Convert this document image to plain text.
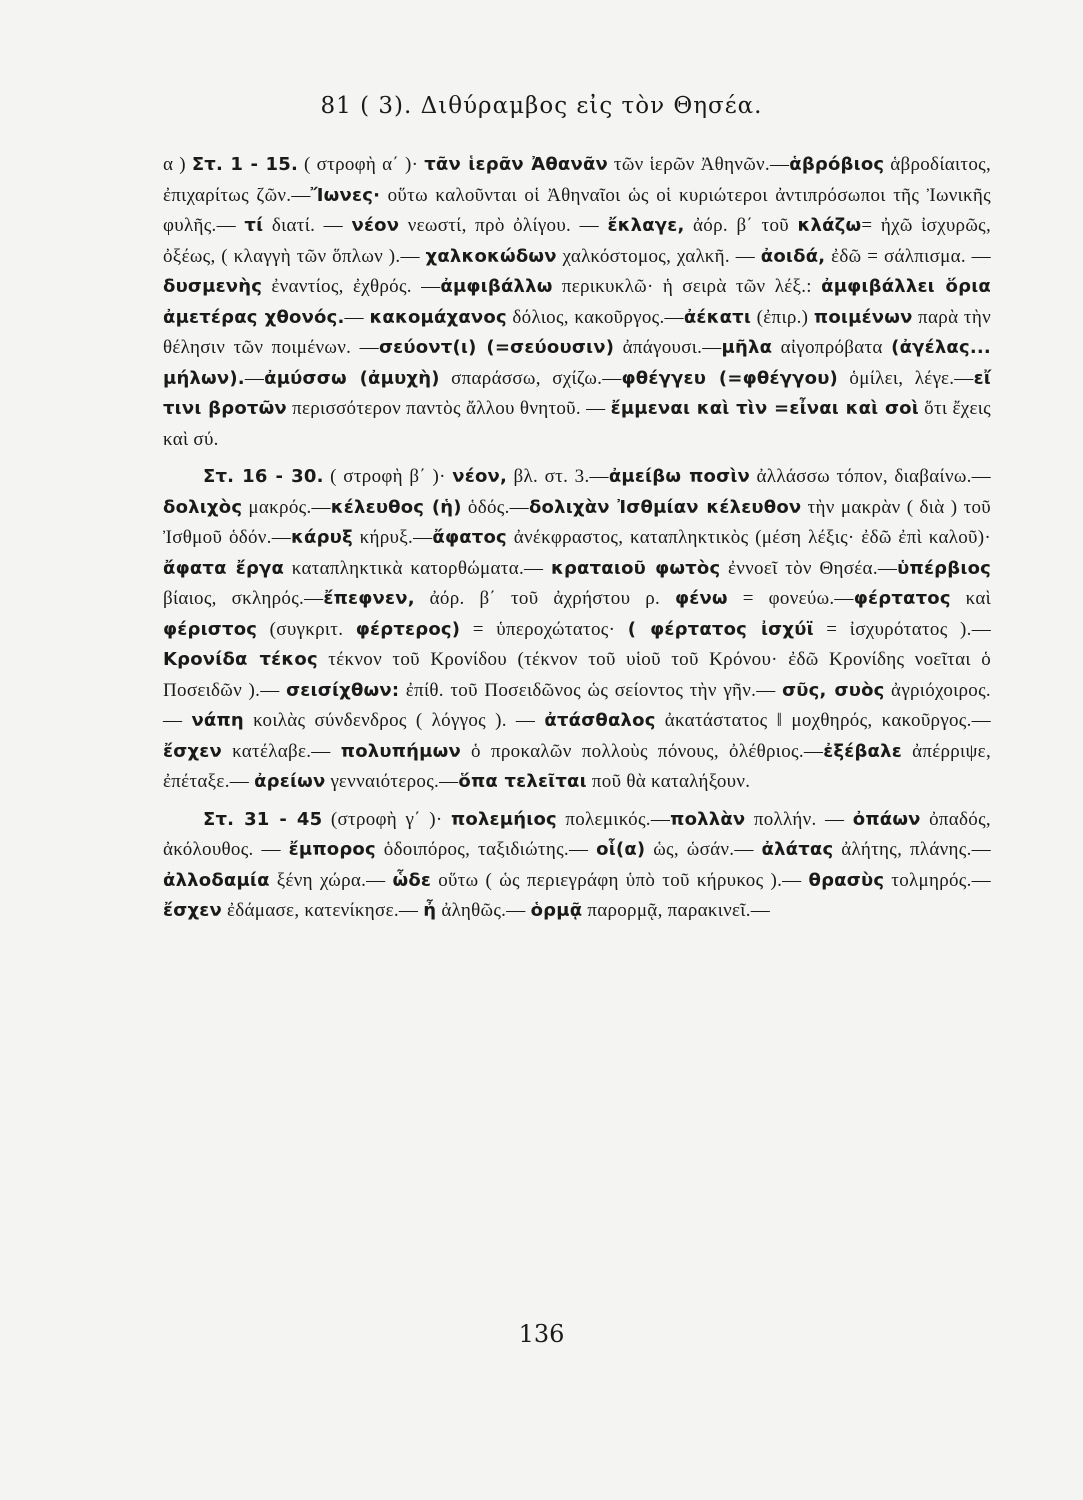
81 ( 3). Διθύραμβος εἰς τὸν Θησέα.

α ) Στ. 1 - 15. ( στροφὴ α΄ )· τᾶν ἱερᾶν Ἀθανᾶν τῶν ἱερῶν Ἀθηνῶν.—ἁβρόβιος ἁβροδίαιτος, ἐπιχαρίτως ζῶν.—Ἴωνες· οὕτω καλοῦνται οἱ Ἀθηναῖοι ὡς οἱ κυριώτεροι ἀντιπρόσωποι τῆς Ἰωνικῆς φυλῆς.— τί διατί. — νέον νεωστί, πρὸ ὀλίγου. — ἔκλαγε, ἀόρ. β΄ τοῦ κλάζω= ἠχῶ ἰσχυρῶς, ὀξέως, ( κλαγγὴ τῶν ὅπλων ).— χαλκοκώδων χαλκόστομος, χαλκῆ. — ἀοιδά, ἐδῶ = σάλπισμα. — δυσμενὴς ἐναντίος, ἐχθρός. —ἀμφιβάλλω περικυκλῶ· ἡ σειρὰ τῶν λέξ.: ἀμφιβάλλει ὅρια ἀμετέρας χθονός.— κακομάχανος δόλιος, κακοῦργος.—ἀέκατι (ἐπιρ.) ποιμένων παρὰ τὴν θέλησιν τῶν ποιμένων. —σεύοντ(ι) (=σεύουσιν) ἀπάγουσι.—μῆλα αἰγοπρόβατα (ἀγέλας... μήλων).—ἀμύσσω (ἀμυχὴ) σπαράσσω, σχίζω.—φθέγγευ (=φθέγγου) ὁμίλει, λέγε.—εἴ τινι βροτῶν περισσότερον παντὸς ἄλλου θνητοῦ. — ἔμμεναι καὶ τὶν =εἶναι καὶ σοὶ ὅτι ἔχεις καὶ σύ.

Στ. 16 - 30. ( στροφὴ β΄ )· νέον, βλ. στ. 3.—ἀμείβω ποσὶν ἀλλάσσω τόπον, διαβαίνω.—δολιχὸς μακρός.—κέλευθος (ἡ) ὁδός.—δολιχὰν Ἰσθμίαν κέλευθον τὴν μακρὰν ( διὰ ) τοῦ Ἰσθμοῦ ὁδόν.—κάρυξ κήρυξ.—ἄφατος ἀνέκφραστος, καταπληκτικὸς (μέση λέξις· ἐδῶ ἐπὶ καλοῦ)· ἄφατα ἔργα καταπληκτικὰ κατορθώματα.— κραταιοῦ φωτὸς ἐννοεῖ τὸν Θησέα.—ὑπέρβιος βίαιος, σκληρός.—ἔπεφνεν, ἀόρ. β΄ τοῦ ἀχρήστου ρ. φένω = φονεύω.—φέρτατος καὶ φέριστος (συγκριτ. φέρτερος) = ὑπεροχώτατος· ( φέρτατος ἰσχύϊ = ἰσχυρότατος ).— Κρονίδα τέκος τέκνον τοῦ Κρονίδου (τέκνον τοῦ υἱοῦ τοῦ Κρόνου· ἐδῶ Κρονίδης νοεῖται ὁ Ποσειδῶν ).— σεισίχθων: ἐπίθ. τοῦ Ποσειδῶνος ὡς σείοντος τὴν γῆν.— σῦς, συὸς ἀγριόχοιρος.— νάπη κοιλὰς σύνδενδρος ( λόγγος ). — ἀτάσθαλος ἀκατάστατος ǁ μοχθηρός, κακοῦργος.—ἔσχεν κατέλαβε.— πολυπήμων ὁ προκαλῶν πολλοὺς πόνους, ὀλέθριος.—ἐξέβαλε ἀπέρριψε, ἐπέταξε.— ἀρείων γενναιότερος.—ὅπα τελεῖται ποῦ θὰ καταλήξουν.

Στ. 31 - 45 (στροφὴ γ΄ )· πολεμήιος πολεμικός.—πολλὰν πολλήν. — ὀπάων ὀπαδός, ἀκόλουθος. — ἔμπορος ὁδοιπόρος, ταξιδιώτης.— οἷ(α) ὡς, ὡσάν.— ἀλάτας ἀλήτης, πλάνης.— ἀλλοδαμία ξένη χώρα.— ὧδε οὕτω ( ὡς περιεγράφη ὑπὸ τοῦ κήρυκος ).— θρασὺς τολμηρός.— ἔσχεν ἐδάμασε, κατενίκησε.— ἦ ἀληθῶς.— ὁρμᾷ παρορμᾷ, παρακινεῖ.—

136
